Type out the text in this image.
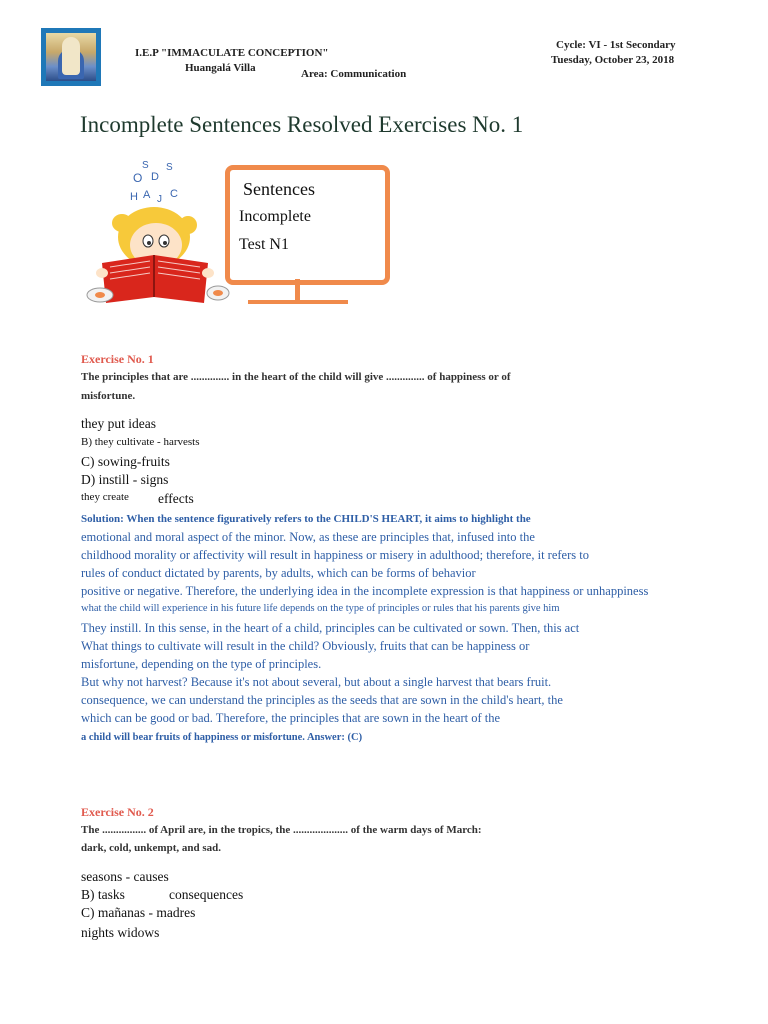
I.E.P "IMMACULATE CONCEPTION"
Huangalá Villa	Area: Communication
Cycle: VI - 1st Secondary
Tuesday, October 23, 2018
Incomplete Sentences Resolved Exercises No. 1
S S
O D
H A J C	Sentences
Incomplete
Test N1
Exercise No. 1
The principles that are .............. in the heart of the child will give .............. of happiness or of
misfortune.
they put ideas
B) they cultivate - harvests
C) sowing-fruits
D) instill - signs
they create effects
Solution: When the sentence figuratively refers to the CHILD'S HEART, it aims to highlight the
emotional and moral aspect of the minor. Now, as these are principles that, infused into the
childhood morality or affectivity will result in happiness or misery in adulthood; therefore, it refers to
rules of conduct dictated by parents, by adults, which can be forms of behavior
positive or negative. Therefore, the underlying idea in the incomplete expression is that happiness or unhappiness
what the child will experience in his future life depends on the type of principles or rules that his parents give him
They instill. In this sense, in the heart of a child, principles can be cultivated or sown. Then, this act
What things to cultivate will result in the child? Obviously, fruits that can be happiness or
misfortune, depending on the type of principles.
But why not harvest? Because it's not about several, but about a single harvest that bears fruit.
consequence, we can understand the principles as the seeds that are sown in the child's heart, the
which can be good or bad. Therefore, the principles that are sown in the heart of the
a child will bear fruits of happiness or misfortune. Answer: (C)
Exercise No. 2
The ................ of April are, in the tropics, the .................... of the warm days of March:
dark, cold, unkempt, and sad.
seasons - causes
B) tasks	consequences
C) mañanas - madres
nights widows
